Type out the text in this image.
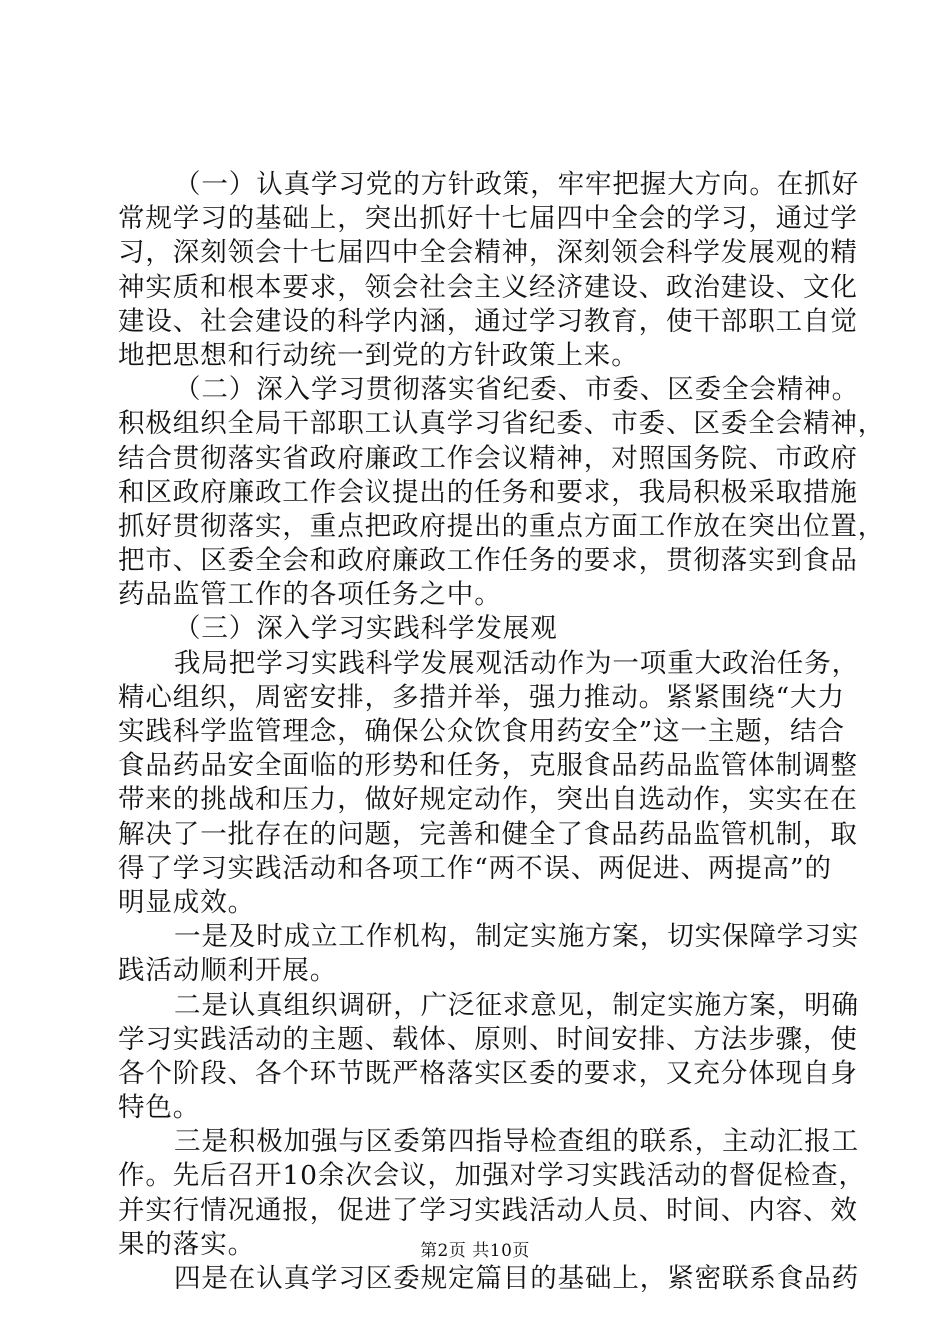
（一）认真学习党的方针政策，牢牢把握大方向。在抓好
常规学习的基础上，突出抓好十七届四中全会的学习，通过学
习，深刻领会十七届四中全会精神，深刻领会科学发展观的精
神实质和根本要求，领会社会主义经济建设、政治建设、文化
建设、社会建设的科学内涵，通过学习教育，使干部职工自觉
地把思想和行动统一到党的方针政策上来。
（二）深入学习贯彻落实省纪委、市委、区委全会精神。
积极组织全局干部职工认真学习省纪委、市委、区委全会精神，
结合贯彻落实省政府廉政工作会议精神，对照国务院、市政府
和区政府廉政工作会议提出的任务和要求，我局积极采取措施
抓好贯彻落实，重点把政府提出的重点方面工作放在突出位置，
把市、区委全会和政府廉政工作任务的要求，贯彻落实到食品
药品监管工作的各项任务之中。
（三）深入学习实践科学发展观
我局把学习实践科学发展观活动作为一项重大政治任务，
精心组织，周密安排，多措并举，强力推动。紧紧围绕“大力
实践科学监管理念，确保公众饮食用药安全”这一主题，结合
食品药品安全面临的形势和任务，克服食品药品监管体制调整
带来的挑战和压力，做好规定动作，突出自选动作，实实在在
解决了一批存在的问题，完善和健全了食品药品监管机制，取
得了学习实践活动和各项工作“两不误、两促进、两提高”的
明显成效。
一是及时成立工作机构，制定实施方案，切实保障学习实
践活动顺利开展。
二是认真组织调研，广泛征求意见，制定实施方案，明确
学习实践活动的主题、载体、原则、时间安排、方法步骤，使
各个阶段、各个环节既严格落实区委的要求，又充分体现自身
特色。
三是积极加强与区委第四指导检查组的联系，主动汇报工
作。先后召开10余次会议，加强对学习实践活动的督促检查，
并实行情况通报，促进了学习实践活动人员、时间、内容、效
果的落实。
四是在认真学习区委规定篇目的基础上，紧密联系食品药
第2页 共10页
